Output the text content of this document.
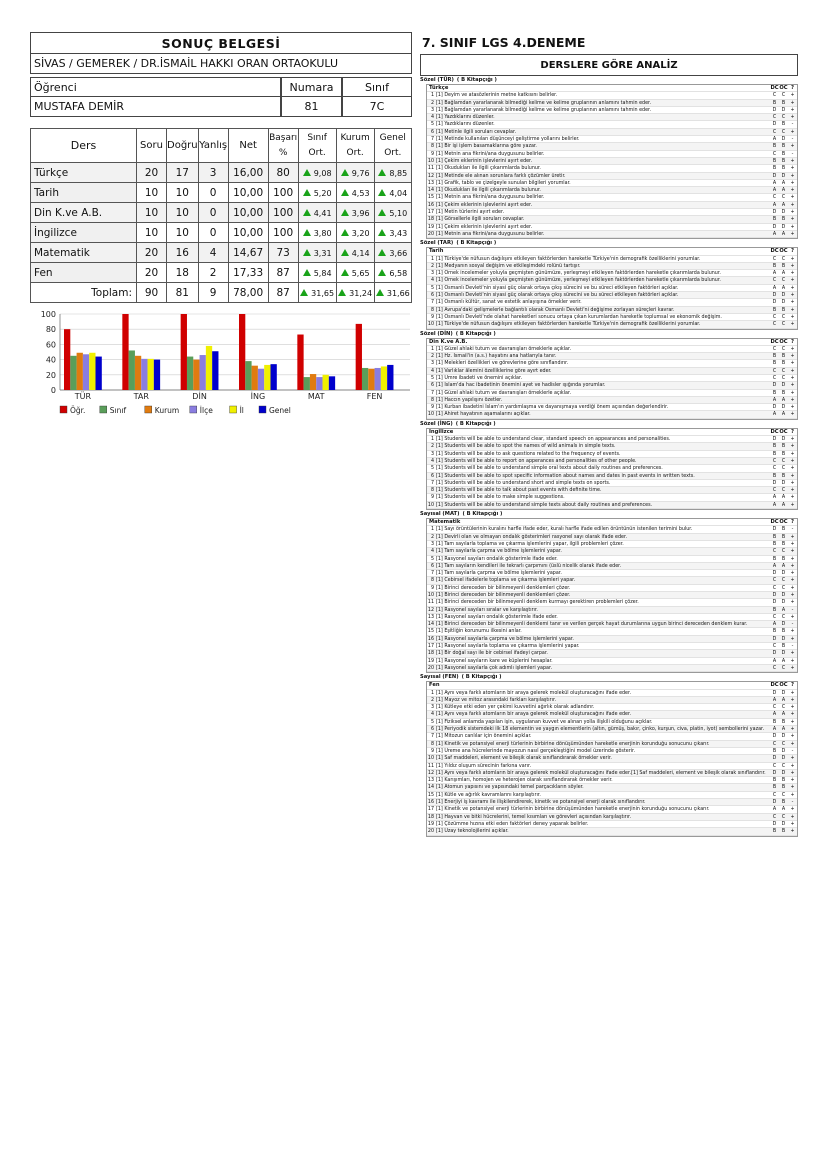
SONUÇ BELGESİ
SİVAS / GEMEREK / DR.İSMAİL HAKKI ORAN ORTAOKULU
Öğrenci	Numara	Sınıf
MUSTAFA DEMİR	81	7C
Ders	Soru	Doğru	Yanlış	Net	Başarı %	Sınıf Ort.	Kurum Ort.	Genel Ort.
Türkçe	20	17	3	16,00	80	9,08	9,76	8,85
Tarih	10	10	0	10,00	100	5,20	4,53	4,04
Din K.ve A.B.	10	10	0	10,00	100	4,41	3,96	5,10
İngilizce	10	10	0	10,00	100	3,80	3,20	3,43
Matematik	20	16	4	14,67	73	3,31	4,14	3,66
Fen	20	18	2	17,33	87	5,84	5,65	6,58
Toplam:	90	81	9	78,00	87	31,65	31,24	31,66
0
20
40
60
80
100
TÜR	TAR	DİN	İNG	MAT	FEN
Öğr.	Sınıf	Kurum	İlçe	İl	Genel
7. SINIF LGS 4.DENEME
DERSLERE GÖRE ANALİZ
Sözel (TÜR) ( B Kitapçığı )
Türkçe	DC ÖC ?
1 [1] Deyim ve atasözlerinin metne katkısını belirler.	C	C	+
2 [1] Bağlamdan yararlanarak bilmediği kelime ve kelime gruplarının anlamını tahmin eder.	B	B	+
3 [1] Bağlamdan yararlanarak bilmediği kelime ve kelime gruplarının anlamını tahmin eder.	D	D	+
4 [1] Yazdıklarını düzenler.	C	C	+
5 [1] Yazdıklarını düzenler.	D	B	-
6 [1] Metinle ilgili soruları cevaplar.	C	C	+
7 [1] Metinde kullanılan düşünceyi geliştirme yollarını belirler.	A	D	-
8 [1] Bir işi işlem basamaklarına göre yazar.	B	B	+
9 [1] Metnin ana fikrini/ana duygusunu belirler.	C	B	-
10 [1] Çekim eklerinin işlevlerini ayırt eder.	B	B	+
11 [1] Okudukları ile ilgili çıkarımlarda bulunur.	B	B	+
12 [1] Metinde ele alınan sorunlara farklı çözümler üretir.	D	D	+
13 [1] Grafik, tablo ve çizelgeyle sunulan bilgileri yorumlar.	A	A	+
14 [1] Okudukları ile ilgili çıkarımlarda bulunur.	A	A	+
15 [1] Metnin ana fikrini/ana duygusunu belirler.	C	C	+
16 [1] Çekim eklerinin işlevlerini ayırt eder.	A	A	+
17 [1] Metin türlerini ayırt eder.	D	D	+
18 [1] Görsellerle ilgili soruları cevaplar.	B	B	+
19 [1] Çekim eklerinin işlevlerini ayırt eder.	D	D	+
20 [1] Metnin ana fikrini/ana duygusunu belirler.	A	A	+
Sözel (TAR) ( B Kitapçığı )
Tarih	DC ÖC ?
1 [1] Türkiye'de nüfusun dağılışını etkileyen faktörlerden hareketle Türkiye'nin demografik özelliklerini yorumlar.	C	C	+
2 [1] Medyanın sosyal değişim ve etkileşimdeki rolünü tartışır.	B	B	+
3 [1] Örnek incelemeler yoluyla geçmişten günümüze, yerleşmeyi etkileyen faktörlerden hareketle çıkarımlarda bulunur.	A	A	+
4 [1] Örnek incelemeler yoluyla geçmişten günümüze, yerleşmeyi etkileyen faktörlerden hareketle çıkarımlarda bulunur.	C	C	+
5 [1] Osmanlı Devleti'nin siyasi güç olarak ortaya çıkış sürecini ve bu süreci etkileyen faktörleri açıklar.	A	A	+
6 [1] Osmanlı Devleti'nin siyasi güç olarak ortaya çıkış sürecini ve bu süreci etkileyen faktörleri açıklar.	D	D	+
7 [1] Osmanlı kültür, sanat ve estetik anlayışına örnekler verir.	D	D	+
8 [1] Avrupa'daki gelişmelerle bağlantılı olarak Osmanlı Devleti'ni değişime zorlayan süreçleri kavrar.	B	B	+
9 [1] Osmanlı Devleti'nde olahat hareketleri sonucu ortaya çıkan kurumlardan hareketle toplumsal ve ekonomik değişim.	C	C	+
10 [1] Türkiye'de nüfusun dağılışını etkileyen faktörlerden hareketle Türkiye'nin demografik özelliklerini yorumlar.	C	C	+
Sözel (DİN) ( B Kitapçığı )
Din K.ve A.B.	DC ÖC ?
1 [1] Güzel ahlaki tutum ve davranışları örneklerle açıklar.	C	C	+
2 [1] Hz. İsmail'in (a.s.) hayatını ana hatlarıyla tanır.	B	B	+
3 [1] Melekleri özellikleri ve görevlerine göre sınıflandırır.	B	B	+
4 [1] Varlıklar âlemini özelliklerine göre ayırt eder.	C	C	+
5 [1] Umre ibadeti ve önemini açıklar.	C	C	+
6 [1] İslam'da hac ibadetinin önemini ayet ve hadisler ışığında yorumlar.	D	D	+
7 [1] Güzel ahlaki tutum ve davranışları örneklerle açıklar.	B	B	+
8 [1] Haccın yapılışını özetler.	A	A	+
9 [1] Kurban ibadetini İslam'ın yardımlaşma ve dayanışmaya verdiği önem açısından değerlendirir.	D	D	+
10 [1] Ahiret hayatının aşamalarını açıklar.	A	A	+
Sözel (İNG) ( B Kitapçığı )
İngilizce	DC ÖC ?
1 [1] Students will be able to understand clear, standard speech on appearances and personalities.	D	D	+
2 [1] Students will be able to spot the names of wild animals in simple texts.	B	B	+
3 [1] Students will be able to ask questions related to the frequency of events.	B	B	+
4 [1] Students will be able to report on apperances and personalities of other people.	C	C	+
5 [1] Students will be able to understand simple oral texts about daily routines and preferences.	C	C	+
6 [1] Students will be able to spot specific information about names and dates in past events in written texts.	B	B	+
7 [1] Students will be able to understand short and simple texts on sports.	D	D	+
8 [1] Students will be able to talk about past events with definite time.	C	C	+
9 [1] Students will be able to make simple suggestions.	A	A	+
10 [1] Students will be able to understand simple texts about daily routines and preferences.	A	A	+
Sayısal (MAT) ( B Kitapçığı )
Matematik	DC ÖC ?
1 [1] Sayı örüntülerinin kuralını harfle ifade eder, kuralı harfle ifade edilen örüntünün istenilen terimini bulur.	D	B	-
2 [1] Devirli olan ve olmayan ondalık gösterimleri rasyonel sayı olarak ifade eder.	B	B	+
3 [1] Tam sayılarla toplama ve çıkarma işlemlerini yapar, ilgili problemleri çözer.	B	B	+
4 [1] Tam sayılarla çarpma ve bölme işlemlerini yapar.	C	C	+
5 [1] Rasyonel sayıları ondalık gösterimle ifade eder.	B	B	+
6 [1] Tam sayıların kendileri ile tekrarlı çarpımını (üslü nicelik olarak ifade eder.	A	A	+
7 [1] Tam sayılarla çarpma ve bölme işlemlerini yapar.	D	D	+
8 [1] Cebirsel ifadelerle toplama ve çıkarma işlemleri yapar.	C	C	+
9 [1] Birinci dereceden bir bilinmeyenli denklemleri çözer.	C	C	+
10 [1] Birinci dereceden bir bilinmeyenli denklemleri çözer.	D	D	+
11 [1] Birinci dereceden bir bilinmeyenli denklem kurmayı gerektiren problemleri çözer.	D	D	+
12 [1] Rasyonel sayıları sıralar ve karşılaştırır.	B	A	-
13 [1] Rasyonel sayıları ondalık gösterimle ifade eder.	C	C	+
14 [1] Birinci dereceden bir bilinmeyenli denklemi tanır ve verilen gerçek hayat durumlarına uygun birinci dereceden denklem kurar.	A	D	-
15 [1] Eşitliğin korunumu ilkesini anlar.	B	B	+
16 [1] Rasyonel sayılarla çarpma ve bölme işlemlerini yapar.	D	D	+
17 [1] Rasyonel sayılarla toplama ve çıkarma işlemlerini yapar.	C	B	-
18 [1] Bir doğal sayı ile bir cebirsel ifadeyi çarpar.	D	D	+
19 [1] Rasyonel sayıların kare ve küplerini hesaplar.	A	A	+
20 [1] Rasyonel sayılarla çok adımlı işlemleri yapar.	C	C	+
Sayısal (FEN) ( B Kitapçığı )
Fen	DC ÖC ?
1 [1] Aynı veya farklı atomların bir araya gelerek molekül oluşturacağını ifade eder.	D	D	+
2 [1] Mayoz ve mitoz arasındaki farkları karşılaştırır.	A	A	+
3 [1] Kütleye etki eden yer çekimi kuvvetini ağırlık olarak adlandırır.	C	C	+
4 [1] Aynı veya farklı atomların bir araya gelerek molekül oluşturacağını ifade eder.	A	A	+
5 [1] Fiziksel anlamda yapılan işin, uygulanan kuvvet ve alınan yolla ilişkili olduğunu açıklar.	B	B	+
6 [1] Periyodik sistemdeki ilk 18 elementin ve yaygın elementlerin (altın, gümüş, bakır, çinko, kurşun, civa, platin, iyot) sembollerini yazar.	A	A	+
7 [1] Mitozun canlılar için önemini açıklar.	D	D	+
8 [1] Kinetik ve potansiyel enerji türlerinin birbirine dönüşümünden hareketle enerjinin korunduğu sonucunu çıkarır.	C	C	+
9 [1] Üreme ana hücrelerinde mayozun nasıl gerçekleştiğini model üzerinde gösterir.	B	D	-
10 [1] Saf maddeleri, element ve bileşik olarak sınıflandırarak örnekler verir.	D	D	+
11 [1] Yıldız oluşum sürecinin farkına varır.	C	C	+
12 [1] Aynı veya farklı atomların bir araya gelerek molekül oluşturacağını ifade eder.[1] Saf maddeleri, element ve bileşik olarak sınıflandırır.	D	D	+
13 [1] Karışımları, homojen ve heterojen olarak sınıflandırarak örnekler verir.	B	B	+
14 [1] Atomun yapısını ve yapısındaki temel parçacıkların söyler.	B	B	+
15 [1] Kütle ve ağırlık kavramlarını karşılaştırır.	C	C	+
16 [1] Enerjiyi iş kavramı ile ilişkilendirerek, kinetik ve potansiyel enerji olarak sınıflandırır.	D	B	-
17 [1] Kinetik ve potansiyel enerji türlerinin birbirine dönüşümünden hareketle enerjinin korunduğu sonucunu çıkarır.	A	A	+
18 [1] Hayvan ve bitki hücrelerini, temel kısımları ve görevleri açısından karşılaştırır.	C	C	+
19 [1] Çözümme hızına etki eden faktörleri deney yaparak belirler.	D	D	+
20 [1] Uzay teknolojilerini açıklar.	B	B	+
